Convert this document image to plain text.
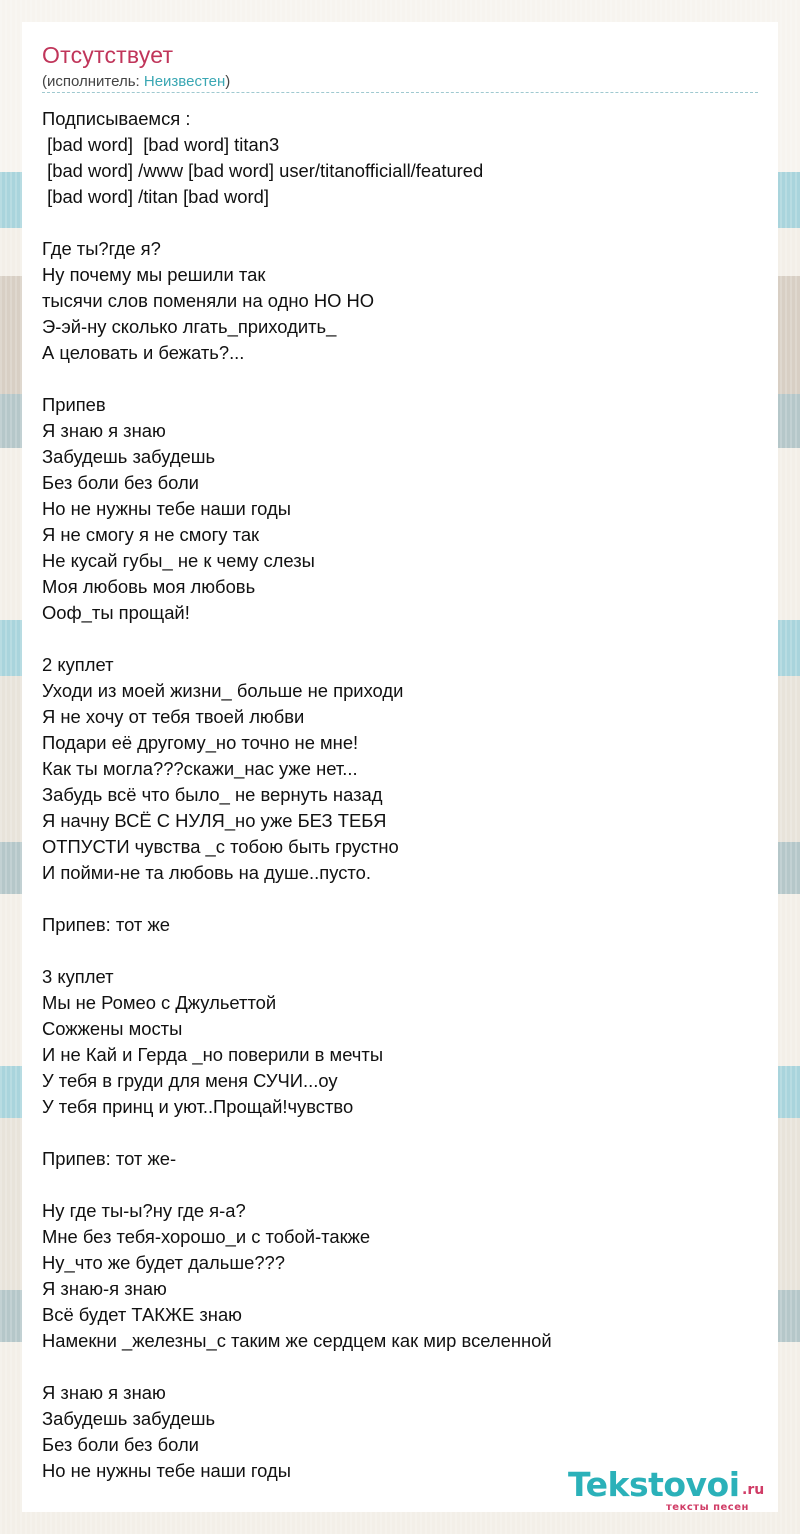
Отсутствует
(исполнитель: Неизвестен)
Подписываемся :
[bad word]  [bad word] titan3
[bad word] /www [bad word] user/titanofficiall/featured
[bad word] /titan [bad word]
Где ты?где я?
Ну почему мы решили так
тысячи слов поменяли на одно НО НО
Э-эй-ну сколько лгать_приходить_
А целовать и бежать?...
Припев
Я знаю я знаю
Забудешь забудешь
Без боли без боли
Но не нужны тебе наши годы
Я не смогу я не смогу так
Не кусай губы_ не к чему слезы
Моя любовь моя любовь
Ооф_ты прощай!
2 куплет
Уходи из моей жизни_ больше не приходи
Я не хочу от тебя твоей любви
Подари её другому_но точно не мне!
Как ты могла???скажи_нас уже нет...
Забудь всё что было_ не вернуть назад
Я начну ВСЁ С НУЛЯ_но уже БЕЗ ТЕБЯ
ОТПУСТИ чувства _с тобою быть грустно
И пойми-не та любовь на душе..пусто.
Припев: тот же
3 куплет
Мы не Ромео с Джульеттой
Сожжены мосты
И не Кай и Герда _но поверили в мечты
У тебя в груди для меня СУЧИ...оу
У тебя принц и уют..Прощай!чувство
Припев: тот же-
Ну где ты-ы?ну где я-а?
Мне без тебя-хорошо_и с тобой-также
Ну_что же будет дальше???
Я знаю-я знаю
Всё будет ТАКЖЕ знаю
Намекни _железны_с таким же сердцем как мир вселенной
Я знаю я знаю
Забудешь забудешь
Без боли без боли
Но не нужны тебе наши годы	Tekstovoi .ru
тексты песен
